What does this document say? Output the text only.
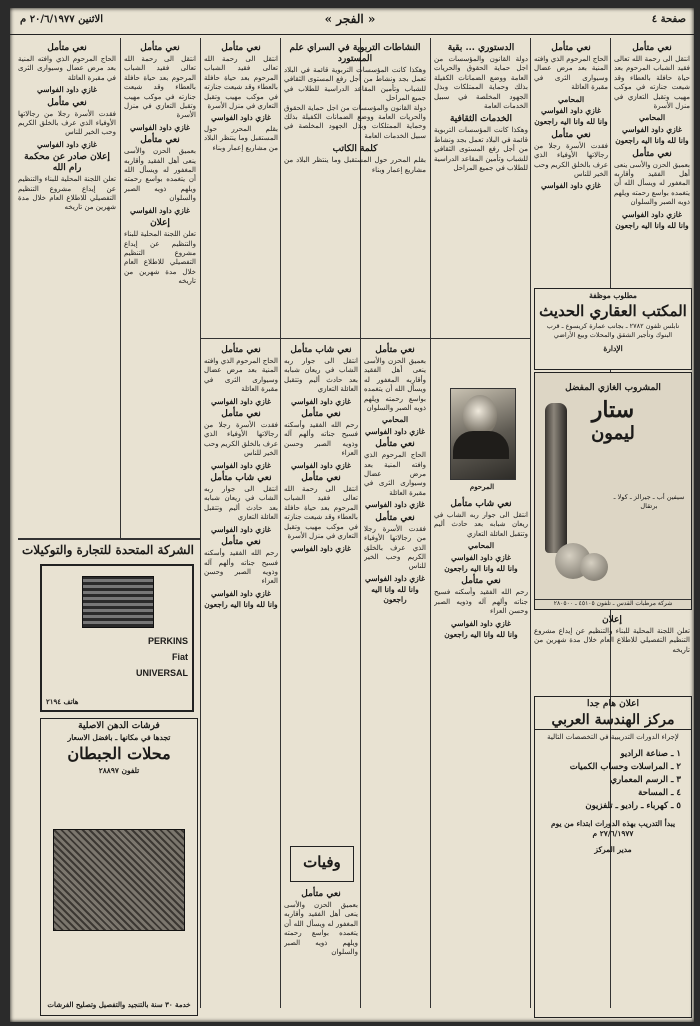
صفحة ٤
« الفجر »
الاثنين ٢٠/٦/١٩٧٧ م
نعي متأمل
انتقل الى رحمة الله تعالى فقيد الشباب المرحوم بعد حياة حافلة بالعطاء وقد شيعت جنازته في موكب مهيب وتقبل التعازي في منزل الأسرة
المحامي
غازي داود الفواسي
وانا لله وانا اليه راجعون
نعي متأمل
بعميق الحزن والأسى ينعى أهل الفقيد وأقاربه المغفور له ويسأل الله أن يتغمده بواسع رحمته ويلهم ذويه الصبر والسلوان
غازي داود الفواسي
وانا لله وانا اليه راجعون
نعي متأمل
الحاج المرحوم الذي وافته المنية بعد مرض عضال وسيوارى الثرى في مقبرة العائلة
المحامي
غازي داود الفواسي
وانا لله وانا اليه راجعون
نعي متأمل
فقدت الأسرة رجلا من رجالاتها الأوفياء الذي عرف بالخلق الكريم وحب الخير للناس
غازي داود الفواسي
مطلوب موظفة
المكتب العقاري الحديث
نابلس تلفون ٢٧٨٢ ـ بجانب عمارة كريسوع ـ قرب البنوك وتأجير الشقق والمحلات وبيع الأراضي
الإدارة
المشروب الغازي المفضل
ستار
ليمون
سيفين أب ـ جيرالز ـ كولا ـ برتقال
شركة مرطبات القدس ـ تلفون ٤٥١٠٥ ـ ٢٨٠٥٠٠
إعلان
تعلن اللجنة المحلية للبناء والتنظيم عن إيداع مشروع التنظيم التفصيلي للاطلاع العام خلال مدة شهرين من تاريخه
اعلان هام جدا
مركز الهندسة العربي
لإجراء الدورات التدريبية في التخصصات التالية
١ ـ صناعة الراديو
٢ ـ المراسلات وحساب الكميات
٣ ـ الرسم المعماري
٤ ـ المساحة
٥ ـ كهرباء ـ راديو ـ تلفزيون
يبدأ التدريب بهذه الدورات ابتداء من يوم ٢٧/٦/١٩٧٧ م
مدير المركز
الدستوري ... بقية
دولة القانون والمؤسسات من اجل حماية الحقوق والحريات العامة ووضع الضمانات الكفيلة بذلك وحماية الممتلكات وبذل الجهود المخلصة في سبيل الخدمات العامة
الخدمات الثقافية
وهكذا كانت المؤسسات التربوية قائمة في البلاد تعمل بجد ونشاط من أجل رفع المستوى الثقافي للشباب وتأمين المقاعد الدراسية للطلاب في جميع المراحل
المرحوم
نعي شاب متأمل
انتقل الى جوار ربه الشاب في ريعان شبابه بعد حادث أليم وتتقبل العائلة التعازي
المحامي
غازي داود الفواسي
وانا لله وانا اليه راجعون
نعي متأمل
رحم الله الفقيد وأسكنه فسيح جناته وألهم آله وذويه الصبر وحسن العزاء
غازي داود الفواسي
وانا لله وانا اليه راجعون
النشاطات التربوية في السراي علم المستورد
وهكذا كانت المؤسسات التربوية قائمة في البلاد تعمل بجد ونشاط من أجل رفع المستوى الثقافي للشباب وتأمين المقاعد الدراسية للطلاب في جميع المراحل
دولة القانون والمؤسسات من اجل حماية الحقوق والحريات العامة ووضع الضمانات الكفيلة بذلك وحماية الممتلكات وبذل الجهود المخلصة في سبيل الخدمات العامة
كلمة الكاتب
بقلم المحرر حول المستقبل وما ينتظر البلاد من مشاريع إعمار وبناء
نعي متأمل
انتقل الى رحمة الله تعالى فقيد الشباب المرحوم بعد حياة حافلة بالعطاء وقد شيعت جنازته في موكب مهيب وتقبل التعازي في منزل الأسرة
غازي داود الفواسي
بقلم المحرر حول المستقبل وما ينتظر البلاد من مشاريع إعمار وبناء
نعي متأمل
بعميق الحزن والأسى ينعى أهل الفقيد وأقاربه المغفور له ويسأل الله أن يتغمده بواسع رحمته ويلهم ذويه الصبر والسلوان
المحامي
غازي داود الفواسي
نعي متأمل
الحاج المرحوم الذي وافته المنية بعد مرض عضال وسيوارى الثرى في مقبرة العائلة
غازي داود الفواسي
نعي متأمل
فقدت الأسرة رجلا من رجالاتها الأوفياء الذي عرف بالخلق الكريم وحب الخير للناس
غازي داود الفواسي
وانا لله وانا اليه راجعون
نعي شاب متأمل
انتقل الى جوار ربه الشاب في ريعان شبابه بعد حادث أليم وتتقبل العائلة التعازي
غازي داود الفواسي
نعي متأمل
رحم الله الفقيد وأسكنه فسيح جناته وألهم آله وذويه الصبر وحسن العزاء
غازي داود الفواسي
نعي متأمل
انتقل الى رحمة الله تعالى فقيد الشباب المرحوم بعد حياة حافلة بالعطاء وقد شيعت جنازته في موكب مهيب وتقبل التعازي في منزل الأسرة
غازي داود الفواسي
وفيات
نعي متأمل
بعميق الحزن والأسى ينعى أهل الفقيد وأقاربه المغفور له ويسأل الله أن يتغمده بواسع رحمته ويلهم ذويه الصبر والسلوان
نعي متأمل
الحاج المرحوم الذي وافته المنية بعد مرض عضال وسيوارى الثرى في مقبرة العائلة
غازي داود الفواسي
نعي متأمل
فقدت الأسرة رجلا من رجالاتها الأوفياء الذي عرف بالخلق الكريم وحب الخير للناس
غازي داود الفواسي
نعي شاب متأمل
انتقل الى جوار ربه الشاب في ريعان شبابه بعد حادث أليم وتتقبل العائلة التعازي
غازي داود الفواسي
نعي متأمل
رحم الله الفقيد وأسكنه فسيح جناته وألهم آله وذويه الصبر وحسن العزاء
غازي داود الفواسي
وانا لله وانا اليه راجعون
نعي متأمل
انتقل الى رحمة الله تعالى فقيد الشباب المرحوم بعد حياة حافلة بالعطاء وقد شيعت جنازته في موكب مهيب وتقبل التعازي في منزل الأسرة
غازي داود الفواسي
نعي متأمل
بعميق الحزن والأسى ينعى أهل الفقيد وأقاربه المغفور له ويسأل الله أن يتغمده بواسع رحمته ويلهم ذويه الصبر والسلوان
غازي داود الفواسي
إعلان
تعلن اللجنة المحلية للبناء والتنظيم عن إيداع مشروع التنظيم التفصيلي للاطلاع العام خلال مدة شهرين من تاريخه
نعي متأمل
الحاج المرحوم الذي وافته المنية بعد مرض عضال وسيوارى الثرى في مقبرة العائلة
غازي داود الفواسي
نعي متأمل
فقدت الأسرة رجلا من رجالاتها الأوفياء الذي عرف بالخلق الكريم وحب الخير للناس
غازي داود الفواسي
إعلان صادر عن محكمة رام الله
تعلن اللجنة المحلية للبناء والتنظيم عن إيداع مشروع التنظيم التفصيلي للاطلاع العام خلال مدة شهرين من تاريخه
الشركة المتحدة للتجارة والتوكيلات
PERKINS
Fiat
UNIVERSAL
هاتف ٢١٩٤
فرشات الدهن الاصلية
تجدها في مكانها ـ بافضل الاسعار
محلات الجبطان
تلفون ٢٨٨٩٧
خدمة ٣٠ سنة بالتنجيد والتفصيل وتصليح الفرشات
